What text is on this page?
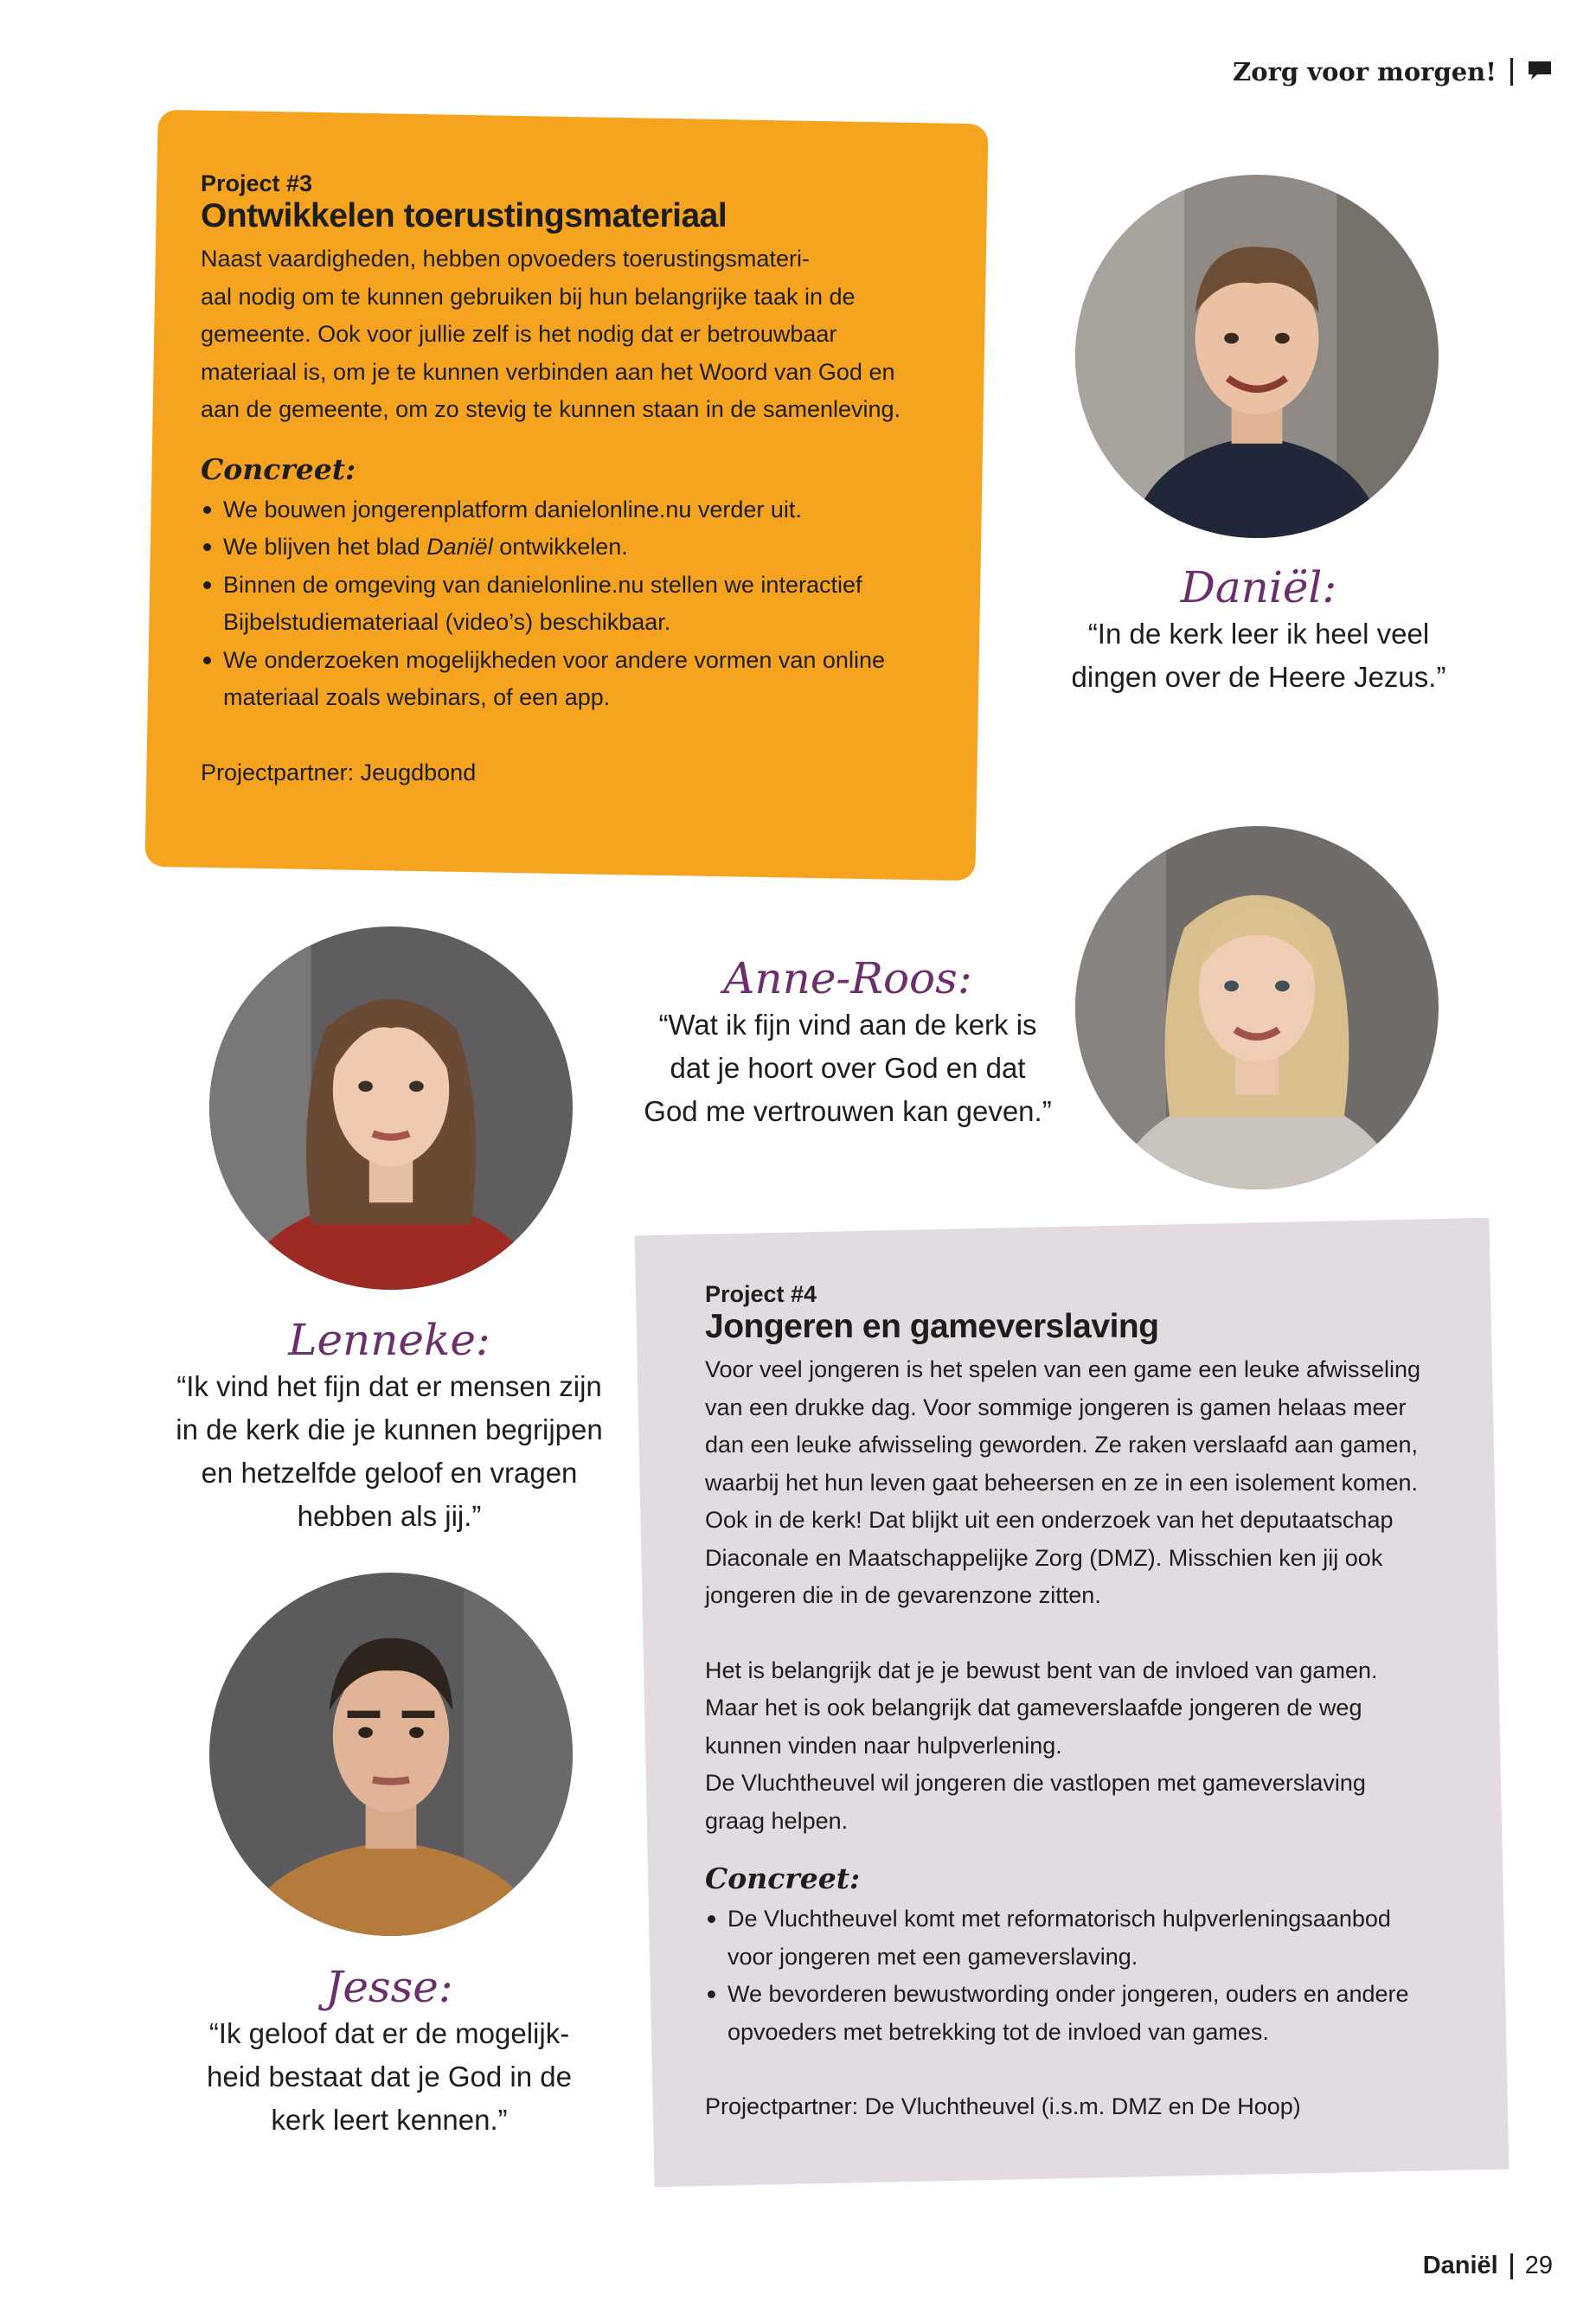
Zorg voor morgen!
Project #3
Ontwikkelen toerustingsmateriaal
Naast vaardigheden, hebben opvoeders toerustingsmateri-
aal nodig om te kunnen gebruiken bij hun belangrijke taak in de
gemeente. Ook voor jullie zelf is het nodig dat er betrouwbaar
materiaal is, om je te kunnen verbinden aan het Woord van God en
aan de gemeente, om zo stevig te kunnen staan in de samenleving.
Concreet:
We bouwen jongerenplatform danielonline.nu verder uit.
We blijven het blad Daniël ontwikkelen.
Binnen de omgeving van danielonline.nu stellen we interactief
Bijbelstudiemateriaal (video’s) beschikbaar.
We onderzoeken mogelijkheden voor andere vormen van online
materiaal zoals webinars, of een app.
Projectpartner: Jeugdbond
Daniël:
“In de kerk leer ik heel veel
dingen over de Heere Jezus.”
Anne-Roos:
“Wat ik fijn vind aan de kerk is
dat je hoort over God en dat
God me vertrouwen kan geven.”
Lenneke:
“Ik vind het fijn dat er mensen zijn
in de kerk die je kunnen begrijpen
en hetzelfde geloof en vragen
hebben als jij.”
Jesse:
“Ik geloof dat er de mogelijk-
heid bestaat dat je God in de
kerk leert kennen.”
Project #4
Jongeren en gameverslaving
Voor veel jongeren is het spelen van een game een leuke afwisseling
van een drukke dag. Voor sommige jongeren is gamen helaas meer
dan een leuke afwisseling geworden. Ze raken verslaafd aan gamen,
waarbij het hun leven gaat beheersen en ze in een isolement komen.
Ook in de kerk! Dat blijkt uit een onderzoek van het deputaatschap
Diaconale en Maatschappelijke Zorg (DMZ). Misschien ken jij ook
jongeren die in de gevarenzone zitten.
Het is belangrijk dat je je bewust bent van de invloed van gamen.
Maar het is ook belangrijk dat gameverslaafde jongeren de weg
kunnen vinden naar hulpverlening.
De Vluchtheuvel wil jongeren die vastlopen met gameverslaving
graag helpen.
Concreet:
De Vluchtheuvel komt met reformatorisch hulpverleningsaanbod
voor jongeren met een gameverslaving.
We bevorderen bewustwording onder jongeren, ouders en andere
opvoeders met betrekking tot de invloed van games.
Projectpartner: De Vluchtheuvel (i.s.m. DMZ en De Hoop)
Daniël 29
